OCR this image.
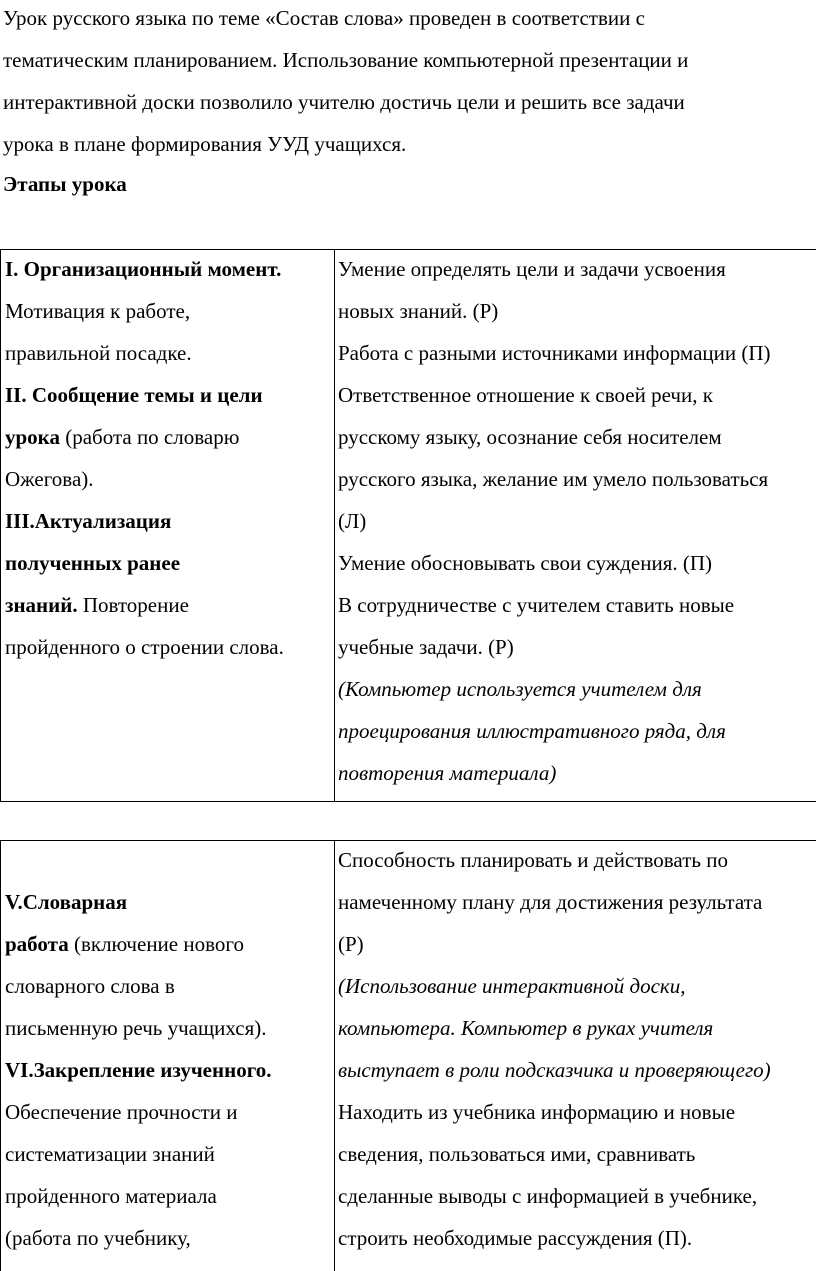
Урок русского языка по теме «Состав слова» проведен в соответствии с
тематическим планированием. Использование компьютерной презентации и
интерактивной доски позволило учителю достичь цели и решить все задачи
урока в плане формирования УУД учащихся.
Этапы урока
I. Организационный момент.
Мотивация к работе,
правильной посадке.
II. Сообщение темы и цели
урока (работа по словарю
Ожегова).
III.Актуализация
полученных ранее
знаний. Повторение
пройденного о строении слова.
Умение определять цели и задачи усвоения
новых знаний. (Р)
Работа с разными источниками информации (П)
Ответственное отношение к своей речи, к
русскому языку, осознание себя носителем
русского языка, желание им умело пользоваться
(Л)
Умение обосновывать свои суждения. (П)
В сотрудничестве с учителем ставить новые
учебные задачи. (Р)
(Компьютер используется учителем для
проецирования иллюстративного ряда, для
повторения материала)
V.Словарная
работа (включение нового
словарного слова в
письменную речь учащихся).
VI.Закрепление изученного.
Обеспечение прочности и
систематизации знаний
пройденного материала
(работа по учебнику,
Способность планировать и действовать по
намеченному плану для достижения результата
(Р)
(Использование интерактивной доски,
компьютера. Компьютер в руках учителя
выступает в роли подсказчика и проверяющего)
Находить из учебника информацию и новые
сведения, пользоваться ими, сравнивать
сделанные выводы с информацией в учебнике,
строить необходимые рассуждения (П).
